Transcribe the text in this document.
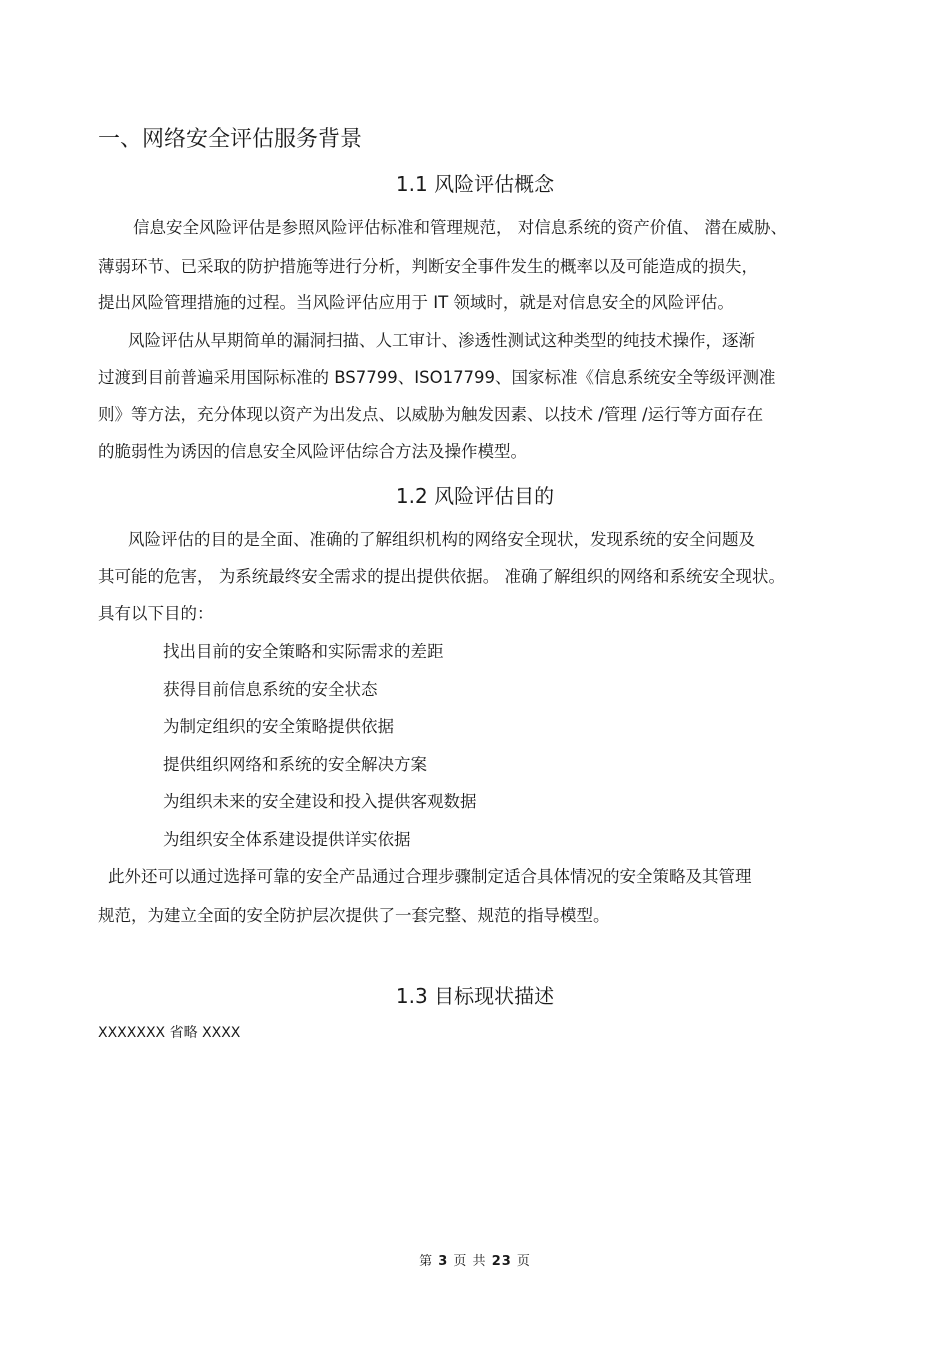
一、网络安全评估服务背景
1.1 风险评估概念
信息安全风险评估是参照风险评估标准和管理规范， 对信息系统的资产价值、 潜在威胁、
薄弱环节、已采取的防护措施等进行分析，判断安全事件发生的概率以及可能造成的损失，
提出风险管理措施的过程。当风险评估应用于 IT 领域时，就是对信息安全的风险评估。
风险评估从早期简单的漏洞扫描、人工审计、渗透性测试这种类型的纯技术操作，逐渐
过渡到目前普遍采用国际标准的 BS7799、ISO17799、国家标准《信息系统安全等级评测准
则》等方法，充分体现以资产为出发点、以威胁为触发因素、以技术 /管理 /运行等方面存在
的脆弱性为诱因的信息安全风险评估综合方法及操作模型。
1.2 风险评估目的
风险评估的目的是全面、准确的了解组织机构的网络安全现状，发现系统的安全问题及
其可能的危害， 为系统最终安全需求的提出提供依据。 准确了解组织的网络和系统安全现状。
具有以下目的：
找出目前的安全策略和实际需求的差距
获得目前信息系统的安全状态
为制定组织的安全策略提供依据
提供组织网络和系统的安全解决方案
为组织未来的安全建设和投入提供客观数据
为组织安全体系建设提供详实依据
此外还可以通过选择可靠的安全产品通过合理步骤制定适合具体情况的安全策略及其管理
规范，为建立全面的安全防护层次提供了一套完整、规范的指导模型。
1.3 目标现状描述
XXXXXXX 省略 XXXX
第 3 页 共 23 页
